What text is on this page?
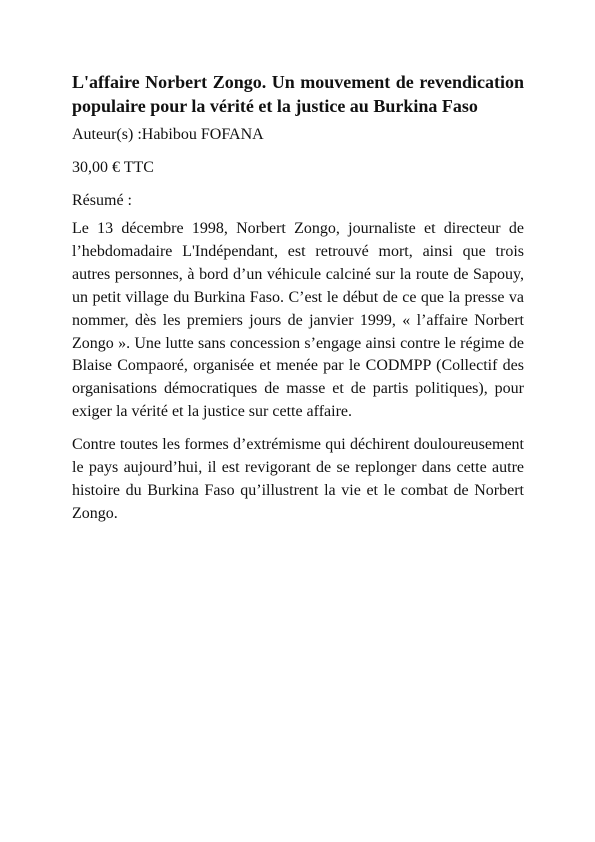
L'affaire Norbert Zongo. Un mouvement de revendication populaire pour la vérité et la justice au Burkina Faso

Auteur(s) :Habibou FOFANA

30,00 € TTC

Résumé :

Le 13 décembre 1998, Norbert Zongo, journaliste et directeur de l’hebdomadaire L'Indépendant, est retrouvé mort, ainsi que trois autres personnes, à bord d’un véhicule calciné sur la route de Sapouy, un petit village du Burkina Faso. C’est le début de ce que la presse va nommer, dès les premiers jours de janvier 1999, « l’affaire Norbert Zongo ». Une lutte sans concession s’engage ainsi contre le régime de Blaise Compaoré, organisée et menée par le CODMPP (Collectif des organisations démocratiques de masse et de partis politiques), pour exiger la vérité et la justice sur cette affaire.

Contre toutes les formes d’extrémisme qui déchirent douloureusement le pays aujourd’hui, il est revigorant de se replonger dans cette autre histoire du Burkina Faso qu’illustrent la vie et le combat de Norbert Zongo.
